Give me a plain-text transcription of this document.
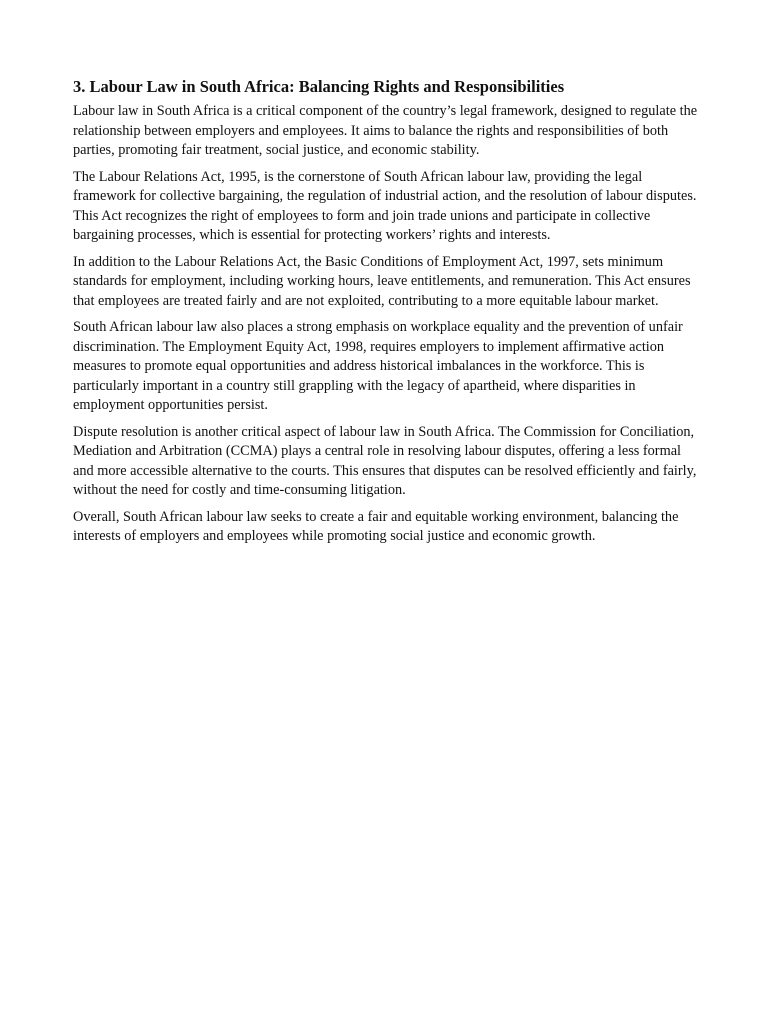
3. Labour Law in South Africa: Balancing Rights and Responsibilities

Labour law in South Africa is a critical component of the country’s legal framework, designed to regulate the relationship between employers and employees. It aims to balance the rights and responsibilities of both parties, promoting fair treatment, social justice, and economic stability.

The Labour Relations Act, 1995, is the cornerstone of South African labour law, providing the legal framework for collective bargaining, the regulation of industrial action, and the resolution of labour disputes. This Act recognizes the right of employees to form and join trade unions and participate in collective bargaining processes, which is essential for protecting workers’ rights and interests.

In addition to the Labour Relations Act, the Basic Conditions of Employment Act, 1997, sets minimum standards for employment, including working hours, leave entitlements, and remuneration. This Act ensures that employees are treated fairly and are not exploited, contributing to a more equitable labour market.

South African labour law also places a strong emphasis on workplace equality and the prevention of unfair discrimination. The Employment Equity Act, 1998, requires employers to implement affirmative action measures to promote equal opportunities and address historical imbalances in the workforce. This is particularly important in a country still grappling with the legacy of apartheid, where disparities in employment opportunities persist.

Dispute resolution is another critical aspect of labour law in South Africa. The Commission for Conciliation, Mediation and Arbitration (CCMA) plays a central role in resolving labour disputes, offering a less formal and more accessible alternative to the courts. This ensures that disputes can be resolved efficiently and fairly, without the need for costly and time-consuming litigation.

Overall, South African labour law seeks to create a fair and equitable working environment, balancing the interests of employers and employees while promoting social justice and economic growth.
